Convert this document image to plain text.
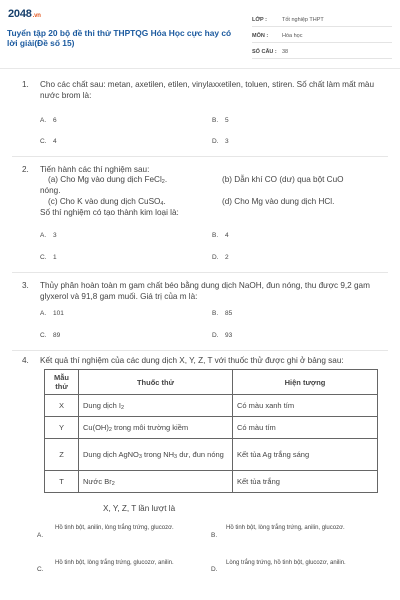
2048.vn
Tuyển tập 20 bộ đề thi thử THPTQG Hóa Học cực hay có lời giải(Đề số 15)
LỚP :	Tốt nghiệp THPT
MÔN :	Hóa học
SỐ CÂU : 38
1. Cho các chất sau: metan, axetilen, etilen, vinylaxxetilen, toluen, stiren. Số chất làm mất màu nước brom là:
A. 6	B. 5
C. 4	D. 3
2. Tiến hành các thí nghiệm sau:
(a) Cho Mg vào dung dịch FeCl$_2$.	(b) Dẫn khí CO (dư) qua bột CuO
nóng.
(c) Cho K vào dung dịch CuSO$_4$.	(d) Cho Mg vào dung dịch HCl.
Số thí nghiệm có tạo thành kim loại là:
A. 3	B. 4
C. 1	D. 2
3. Thủy phân hoàn toàn m gam chất béo bằng dung dịch NaOH, đun nóng, thu được 9,2 gam glyxerol và 91,8 gam muối. Giá trị của m là:
A. 101	B. 85
C. 89	D. 93
4. Kết quả thí nghiệm của các dung dịch X, Y, Z, T với thuốc thử được ghi ở bảng sau:
Mẫu thử	Thuốc thử	Hiện tượng
X	Dung dịch $I_2$	Có màu xanh tím
Y	$Cu(OH)_2$ trong môi trường kiềm	Có màu tím
Z	Dung dịch AgNO$_3$ trong $NH_3$ dư, đun nóng	Kết tủa Ag trắng sáng
T	Nước $Br_2$	Kết tủa trắng
X, Y, Z, T lần lượt là
A.
Hồ tinh bột, anilin, lòng trắng trứng, glucozơ.
B.
Hồ tinh bột, lòng trắng trứng, anilin, glucozơ.
C.
Hồ tinh bột, lòng trắng trứng, glucozơ, anilin.
D.
Lòng trắng trứng, hồ tinh bột, glucozơ, anilin.
